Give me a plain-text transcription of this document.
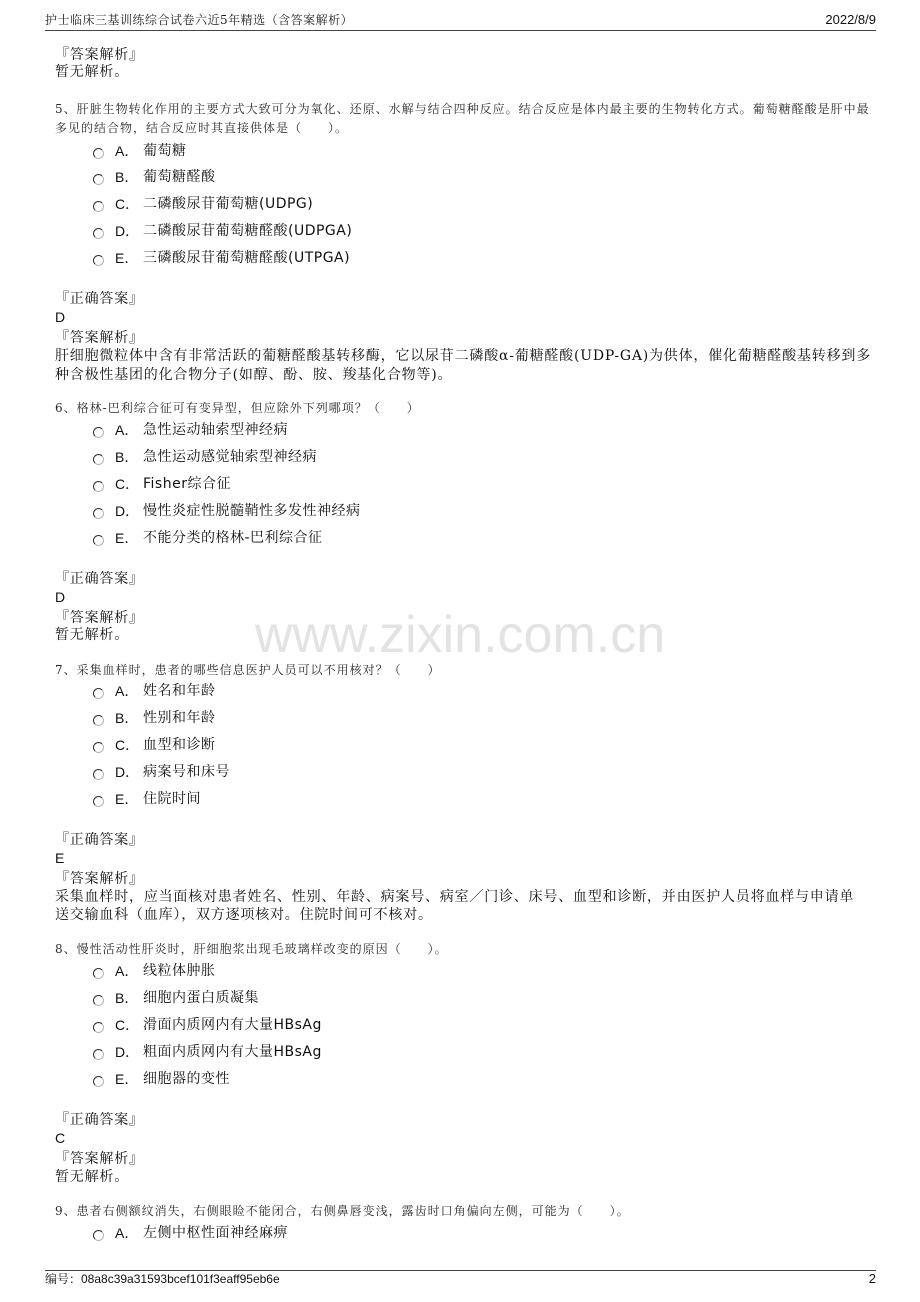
护士临床三基训练综合试卷六近5年精选（含答案解析）	2022/8/9
www.zixin.com.cn
『答案解析』
暂无解析。
5、肝脏生物转化作用的主要方式大致可分为氧化、还原、水解与结合四种反应。结合反应是体内最主要的生物转化方式。葡萄糖醛酸是肝中最
多见的结合物，结合反应时其直接供体是（　　）。
A． 葡萄糖
B． 葡萄糖醛酸
C． 二磷酸尿苷葡萄糖(UDPG)
D． 二磷酸尿苷葡萄糖醛酸(UDPGA)
E． 三磷酸尿苷葡萄糖醛酸(UTPGA)
『正确答案』
D
『答案解析』
肝细胞微粒体中含有非常活跃的葡糖醛酸基转移酶，它以尿苷二磷酸α-葡糖醛酸(UDP-GA)为供体，催化葡糖醛酸基转移到多
种含极性基团的化合物分子(如醇、酚、胺、羧基化合物等)。
6、格林-巴利综合征可有变异型，但应除外下列哪项？（　　）
A． 急性运动轴索型神经病
B． 急性运动感觉轴索型神经病
C． Fisher综合征
D． 慢性炎症性脱髓鞘性多发性神经病
E． 不能分类的格林-巴利综合征
『正确答案』
D
『答案解析』
暂无解析。
7、采集血样时，患者的哪些信息医护人员可以不用核对？（　　）
A． 姓名和年龄
B． 性别和年龄
C． 血型和诊断
D． 病案号和床号
E． 住院时间
『正确答案』
E
『答案解析』
采集血样时，应当面核对患者姓名、性别、年龄、病案号、病室／门诊、床号、血型和诊断，并由医护人员将血样与申请单
送交输血科（血库），双方逐项核对。住院时间可不核对。
8、慢性活动性肝炎时，肝细胞浆出现毛玻璃样改变的原因（　　）。
A． 线粒体肿胀
B． 细胞内蛋白质凝集
C． 滑面内质网内有大量HBsAg
D． 粗面内质网内有大量HBsAg
E． 细胞器的变性
『正确答案』
C
『答案解析』
暂无解析。
9、患者右侧额纹消失，右侧眼睑不能闭合，右侧鼻唇变浅，露齿时口角偏向左侧，可能为（　　）。
A． 左侧中枢性面神经麻痹
编号：08a8c39a31593bcef101f3eaff95eb6e	2
